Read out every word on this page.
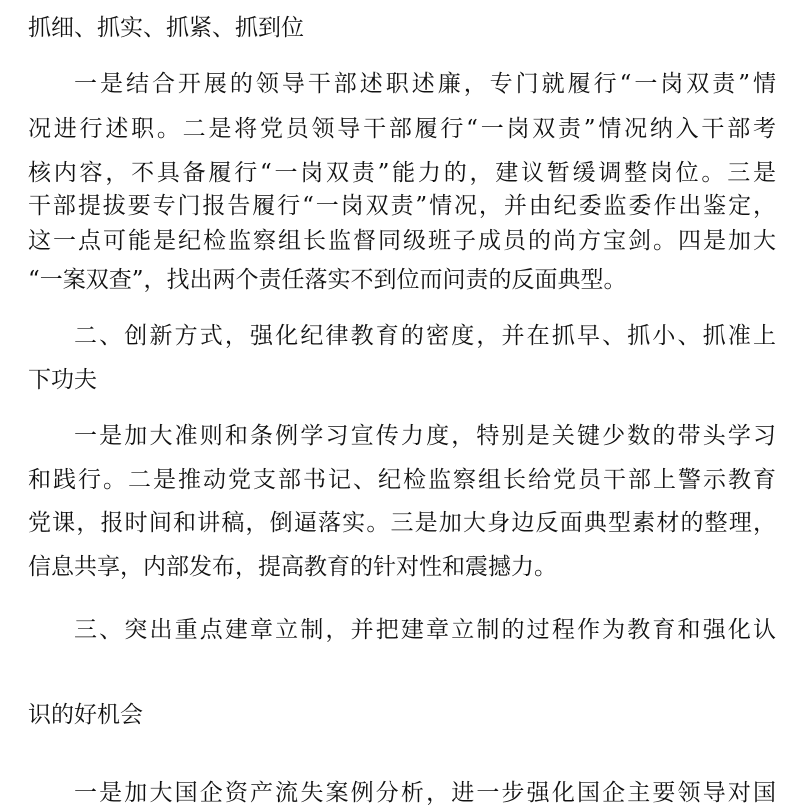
抓细、抓实、抓紧、抓到位
一是结合开展的领导干部述职述廉，专门就履行“一岗双责”情
况进行述职。二是将党员领导干部履行“一岗双责”情况纳入干部考
核内容，不具备履行“一岗双责”能力的，建议暂缓调整岗位。三是
干部提拔要专门报告履行“一岗双责”情况，并由纪委监委作出鉴定，
这一点可能是纪检监察组长监督同级班子成员的尚方宝剑。四是加大
“一案双查”，找出两个责任落实不到位而问责的反面典型。
二、创新方式，强化纪律教育的密度，并在抓早、抓小、抓准上
下功夫
一是加大准则和条例学习宣传力度，特别是关键少数的带头学习
和践行。二是推动党支部书记、纪检监察组长给党员干部上警示教育
党课，报时间和讲稿，倒逼落实。三是加大身边反面典型素材的整理，
信息共享，内部发布，提高教育的针对性和震撼力。
三、突出重点建章立制，并把建章立制的过程作为教育和强化认
识的好机会
一是加大国企资产流失案例分析，进一步强化国企主要领导对国
